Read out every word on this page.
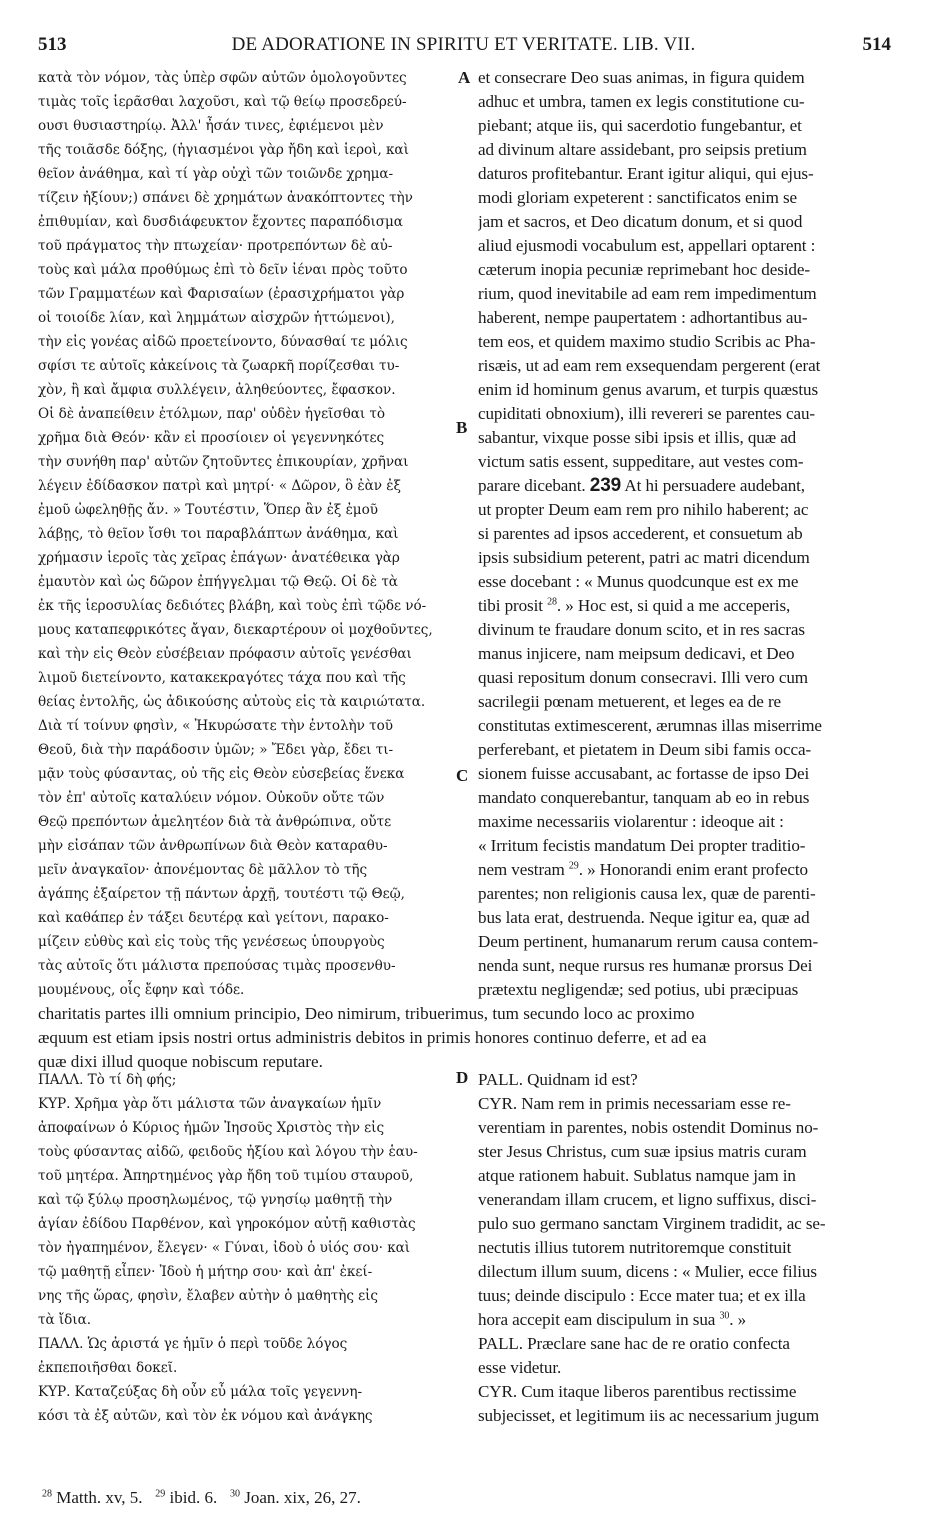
513	DE ADORATIONE IN SPIRITU ET VERITATE. LIB. VII.	514
A
B
C
D
κατὰ τὸν νόμον, τὰς ὑπὲρ σφῶν αὐτῶν ὁμολογοῦντες
τιμὰς τοῖς ἱερᾶσθαι λαχοῦσι, καὶ τῷ θείῳ προσεδρεύ-
ουσι θυσιαστηρίῳ. Ἀλλ' ἦσάν τινες, ἐφιέμενοι μὲν
τῆς τοιᾶσδε δόξης, (ἡγιασμένοι γὰρ ἤδη καὶ ἱεροὶ, καὶ
θεῖον ἀνάθημα, καὶ τί γὰρ οὐχὶ τῶν τοιῶνδε χρημα-
τίζειν ἠξίουν;) σπάνει δὲ χρημάτων ἀνακόπτοντες τὴν
ἐπιθυμίαν, καὶ δυσδιάφευκτον ἔχοντες παραπόδισμα
τοῦ πράγματος τὴν πτωχείαν· προτρεπόντων δὲ αὐ-
τοὺς καὶ μάλα προθύμως ἐπὶ τὸ δεῖν ἰέναι πρὸς τοῦτο
τῶν Γραμματέων καὶ Φαρισαίων (ἐρασιχρήματοι γὰρ
οἱ τοιοίδε λίαν, καὶ λημμάτων αἰσχρῶν ἡττώμενοι),
τὴν εἰς γονέας αἰδῶ προετείνοντο, δύνασθαί τε μόλις
σφίσι τε αὐτοῖς κἀκείνοις τὰ ζωαρκῆ πορίζεσθαι τυ-
χὸν, ἢ καὶ ἄμφια συλλέγειν, ἀληθεύοντες, ἔφασκον.
Οἱ δὲ ἀναπείθειν ἐτόλμων, παρ' οὐδὲν ἡγεῖσθαι τὸ
χρῆμα διὰ Θεόν· κἂν εἰ προσίοιεν οἱ γεγεννηκότες
τὴν συνήθη παρ' αὐτῶν ζητοῦντες ἐπικουρίαν, χρῆναι
λέγειν ἐδίδασκον πατρὶ καὶ μητρί· « Δῶρον, ὃ ἐὰν ἐξ
ἐμοῦ ὠφεληθῇς ἄν. » Τουτέστιν, Ὅπερ ἂν ἐξ ἐμοῦ
λάβῃς, τὸ θεῖον ἴσθι τοι παραβλάπτων ἀνάθημα, καὶ
χρήμασιν ἱεροῖς τὰς χεῖρας ἐπάγων· ἀνατέθεικα γὰρ
ἐμαυτὸν καὶ ὡς δῶρον ἐπήγγελμαι τῷ Θεῷ. Οἱ δὲ τὰ
ἐκ τῆς ἱεροσυλίας δεδιότες βλάβη, καὶ τοὺς ἐπὶ τῷδε νό-
μους καταπεφρικότες ἄγαν, διεκαρτέρουν οἱ μοχθοῦντες,
καὶ τὴν εἰς Θεὸν εὐσέβειαν πρόφασιν αὐτοῖς γενέσθαι
λιμοῦ διετείνοντο, κατακεκραγότες τάχα που καὶ τῆς
θείας ἐντολῆς, ὡς ἀδικούσης αὐτοὺς εἰς τὰ καιριώτατα.
Διὰ τί τοίνυν φησὶν, « Ἠκυρώσατε τὴν ἐντολὴν τοῦ
Θεοῦ, διὰ τὴν παράδοσιν ὑμῶν; » Ἔδει γὰρ, ἔδει τι-
μᾷν τοὺς φύσαντας, οὐ τῆς εἰς Θεὸν εὐσεβείας ἕνεκα
τὸν ἐπ' αὐτοῖς καταλύειν νόμον. Οὐκοῦν οὔτε τῶν
Θεῷ πρεπόντων ἀμελητέον διὰ τὰ ἀνθρώπινα, οὔτε
μὴν εἰσάπαν τῶν ἀνθρωπίνων διὰ Θεὸν καταραθυ-
μεῖν ἀναγκαῖον· ἀπονέμοντας δὲ μᾶλλον τὸ τῆς
ἀγάπης ἐξαίρετον τῇ πάντων ἀρχῇ, τουτέστι τῷ Θεῷ,
καὶ καθάπερ ἐν τάξει δευτέρᾳ καὶ γείτονι, παρακο-
μίζειν εὐθὺς καὶ εἰς τοὺς τῆς γενέσεως ὑπουργοὺς
τὰς αὐτοῖς ὅτι μάλιστα πρεπούσας τιμὰς προσενθυ-
μουμένους, οἷς ἔφην καὶ τόδε.
et consecrare Deo suas animas, in figura quidem
adhuc et umbra, tamen ex legis constitutione cu-
piebant; atque iis, qui sacerdotio fungebantur, et
ad divinum altare assidebant, pro seipsis pretium
daturos profitebantur. Erant igitur aliqui, qui ejus-
modi gloriam expeterent : sanctificatos enim se
jam et sacros, et Deo dicatum donum, et si quod
aliud ejusmodi vocabulum est, appellari optarent :
cæterum inopia pecuniæ reprimebant hoc deside-
rium, quod inevitabile ad eam rem impedimentum
haberent, nempe paupertatem : adhortantibus au-
tem eos, et quidem maximo studio Scribis ac Pha-
risæis, ut ad eam rem exsequendam pergerent (erat
enim id hominum genus avarum, et turpis quæstus
cupiditati obnoxium), illi revereri se parentes cau-
sabantur, vixque posse sibi ipsis et illis, quæ ad
victum satis essent, suppeditare, aut vestes com-
parare dicebant. 239 At hi persuadere audebant,
ut propter Deum eam rem pro nihilo haberent; ac
si parentes ad ipsos accederent, et consuetum ab
ipsis subsidium peterent, patri ac matri dicendum
esse docebant : « Munus quodcunque est ex me
tibi prosit $^{28}$. » Hoc est, si quid a me acceperis,
divinum te fraudare donum scito, et in res sacras
manus injicere, nam meipsum dedicavi, et Deo
quasi repositum donum consecravi. Illi vero cum
sacrilegii pœnam metuerent, et leges ea de re
constitutas extimescerent, ærumnas illas miserrime
perferebant, et pietatem in Deum sibi famis occa-
sionem fuisse accusabant, ac fortasse de ipso Dei
mandato conquerebantur, tanquam ab eo in rebus
maxime necessariis violarentur : ideoque ait :
« Irritum fecistis mandatum Dei propter traditio-
nem vestram $^{29}$. » Honorandi enim erant profecto
parentes; non religionis causa lex, quæ de parenti-
bus lata erat, destruenda. Neque igitur ea, quæ ad
Deum pertinent, humanarum rerum causa contem-
nenda sunt, neque rursus res humanæ prorsus Dei
prætextu negligendæ; sed potius, ubi præcipuas
charitatis partes illi omnium principio, Deo nimirum, tribuerimus, tum secundo loco ac proximo
æquum est etiam ipsis nostri ortus administris debitos in primis honores continuo deferre, et ad ea
quæ dixi illud quoque nobiscum reputare.
ΠΑΛΛ. Τὸ τί δὴ φής;
ΚΥΡ. Χρῆμα γὰρ ὅτι μάλιστα τῶν ἀναγκαίων ἡμῖν
ἀποφαίνων ὁ Κύριος ἡμῶν Ἰησοῦς Χριστὸς τὴν εἰς
τοὺς φύσαντας αἰδῶ, φειδοῦς ἠξίου καὶ λόγου τὴν ἑαυ-
τοῦ μητέρα. Ἀπηρτημένος γὰρ ἤδη τοῦ τιμίου σταυροῦ,
καὶ τῷ ξύλῳ προσηλωμένος, τῷ γνησίῳ μαθητῇ τὴν
ἁγίαν ἐδίδου Παρθένον, καὶ γηροκόμον αὐτῇ καθιστὰς
τὸν ἠγαπημένον, ἔλεγεν· « Γύναι, ἰδοὺ ὁ υἱός σου· καὶ
τῷ μαθητῇ εἶπεν· Ἰδοὺ ἡ μήτηρ σου· καὶ ἀπ' ἐκεί-
νης τῆς ὥρας, φησὶν, ἔλαβεν αὐτὴν ὁ μαθητὴς εἰς
τὰ ἴδια.
ΠΑΛΛ. Ὡς ἀριστά γε ἡμῖν ὁ περὶ τοῦδε λόγος
ἐκπεποιῆσθαι δοκεῖ.
ΚΥΡ. Καταζεύξας δὴ οὖν εὖ μάλα τοῖς γεγεννη-
κόσι τὰ ἐξ αὐτῶν, καὶ τὸν ἐκ νόμου καὶ ἀνάγκης
PALL. Quidnam id est?
CYR. Nam rem in primis necessariam esse re-
verentiam in parentes, nobis ostendit Dominus no-
ster Jesus Christus, cum suæ ipsius matris curam
atque rationem habuit. Sublatus namque jam in
venerandam illam crucem, et ligno suffixus, disci-
pulo suo germano sanctam Virginem tradidit, ac se-
nectutis illius tutorem nutritoremque constituit
dilectum illum suum, dicens : « Mulier, ecce filius
tuus; deinde discipulo : Ecce mater tua; et ex illa
hora accepit eam discipulum in sua $^{30}$. »
PALL. Præclare sane hac de re oratio confecta
esse videtur.
CYR. Cum itaque liberos parentibus rectissime
subjecisset, et legitimum iis ac necessarium jugum
$^{28}$ Matth. xv, 5. $^{29}$ ibid. 6. $^{30}$ Joan. xix, 26, 27.
